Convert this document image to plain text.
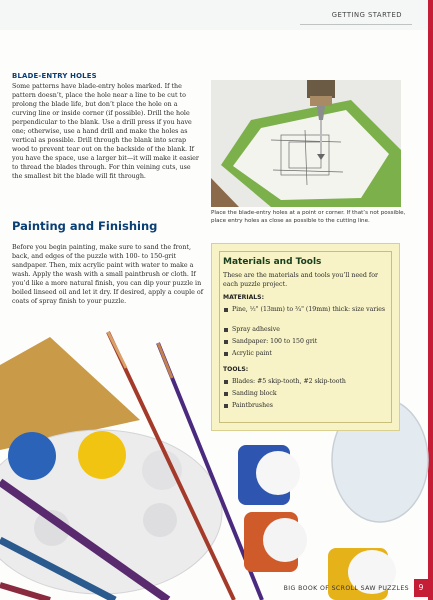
GETTING STARTED

BLADE-ENTRY HOLES

Some patterns have blade-entry holes marked. If the pattern doesn’t, place the hole near a line to be cut to prolong the blade life, but don’t place the hole on a curving line or inside corner (if possible). Drill the hole perpendicular to the blank. Use a drill press if you have one; otherwise, use a hand drill and make the holes as vertical as possible. Drill through the blank into scrap wood to prevent tear out on the backside of the blank. If you have the space, use a larger bit—it will make it easier to thread the blades through. For thin veining cuts, use the smallest bit the blade will fit through.

Painting and Finishing

Before you begin painting, make sure to sand the front, back, and edges of the puzzle with 100- to 150-grit sandpaper. Then, mix acrylic paint with water to make a wash. Apply the wash with a small paintbrush or cloth. If you’d like a more natural finish, you can dip your puzzle in boiled linseed oil and let it dry. If desired, apply a couple of coats of spray finish to your puzzle.

Place the blade-entry holes at a point or corner. If that’s not possible, place entry holes as close as possible to the cutting line.
Materials and Tools

These are the materials and tools you’ll need for each puzzle project.

MATERIALS:
Pine, ½" (13mm) to ¾" (19mm) thick: size varies
Spray adhesive
Sandpaper: 100 to 150 grit
Acrylic paint
TOOLS:
Blades: #5 skip-tooth, #2 skip-tooth
Sanding block
Paintbrushes
BIG BOOK OF SCROLL SAW PUZZLES	9
